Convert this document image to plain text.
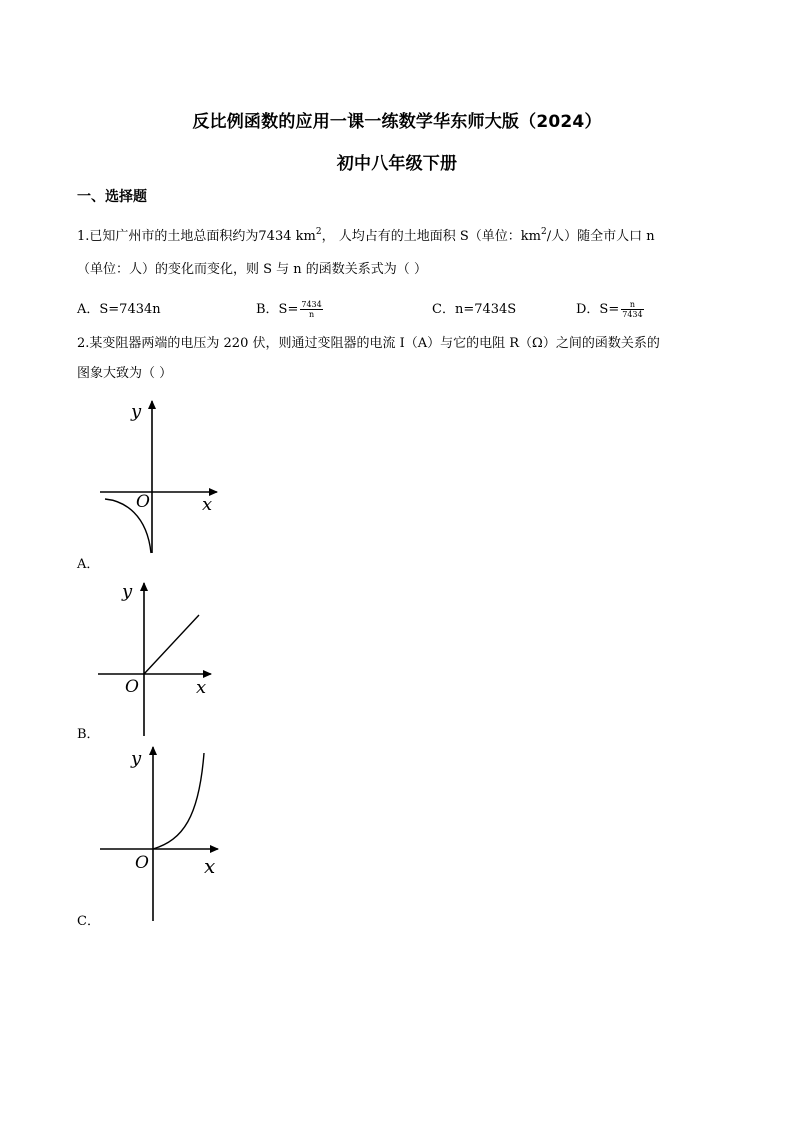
反比例函数的应用一课一练数学华东师大版（2024）
初中八年级下册
一、选择题
1.已知广州市的土地总面积约为7434 $km^2$， 人均占有的土地面积 S（单位：$km^2/$人）随全市人口 n
（单位：人）的变化而变化，则 S 与 n 的函数关系式为（ ）
A．S=7434n	B．$S= \frac{7434}{n}$	C．n=7434S	D．$S= \frac{n}{7434}$
2.某变阻器两端的电压为 220 伏，则通过变阻器的电流 I（A）与它的电阻 R（Ω）之间的函数关系的
图象大致为（ ）
y
x
O
A．
y
x
O
B．
y
x
O
C．
